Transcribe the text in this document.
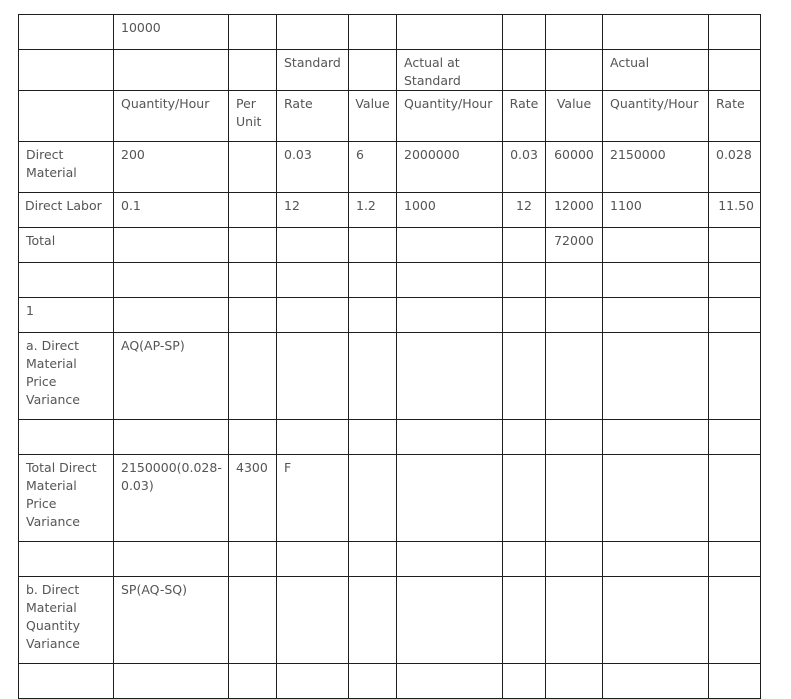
	10000								
			Standard		Actual at Standard			Actual	
	Quantity/Hour	Per Unit	Rate	Value	Quantity/Hour	Rate	Value	Quantity/Hour	Rate
Direct Material	200		0.03	6	2000000	0.03	60000	2150000	0.028
Direct Labor	0.1		12	1.2	1000	12	12000	1100	11.50
Total							72000		

1									
a. Direct Material Price Variance	AQ(AP-SP)								

Total Direct Material Price Variance	2150000(0.028-0.03)	4300	F						

b. Direct Material Quantity Variance	SP(AQ-SQ)								
